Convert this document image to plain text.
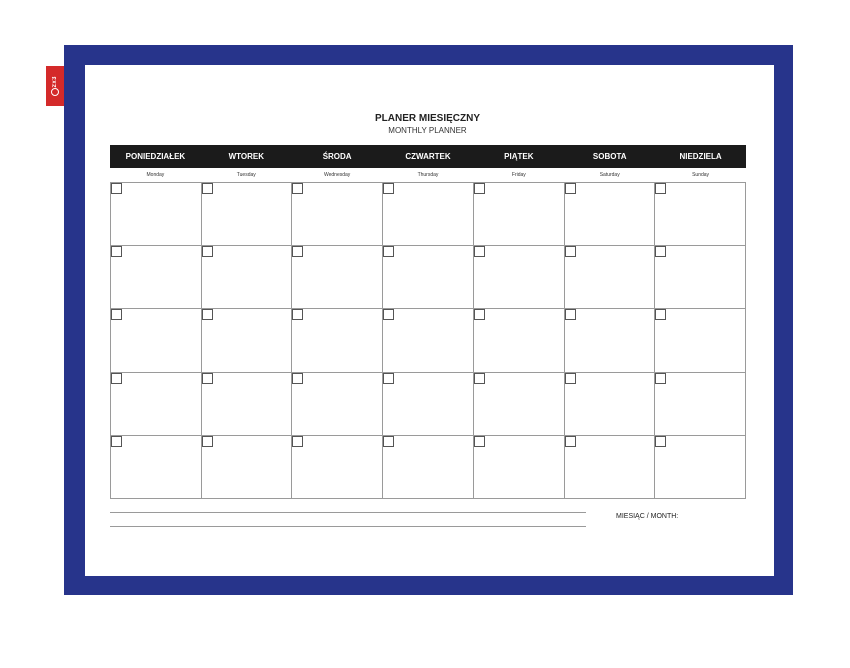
2x3
PLANER MIESIĘCZNY
MONTHLY PLANNER
PONIEDZIAŁEK	WTOREK	ŚRODA	CZWARTEK	PIĄTEK	SOBOTA	NIEDZIELA
Monday	Tuesday	Wednesday	Thursday	Friday	Saturday	Sunday
MIESIĄC / MONTH:
